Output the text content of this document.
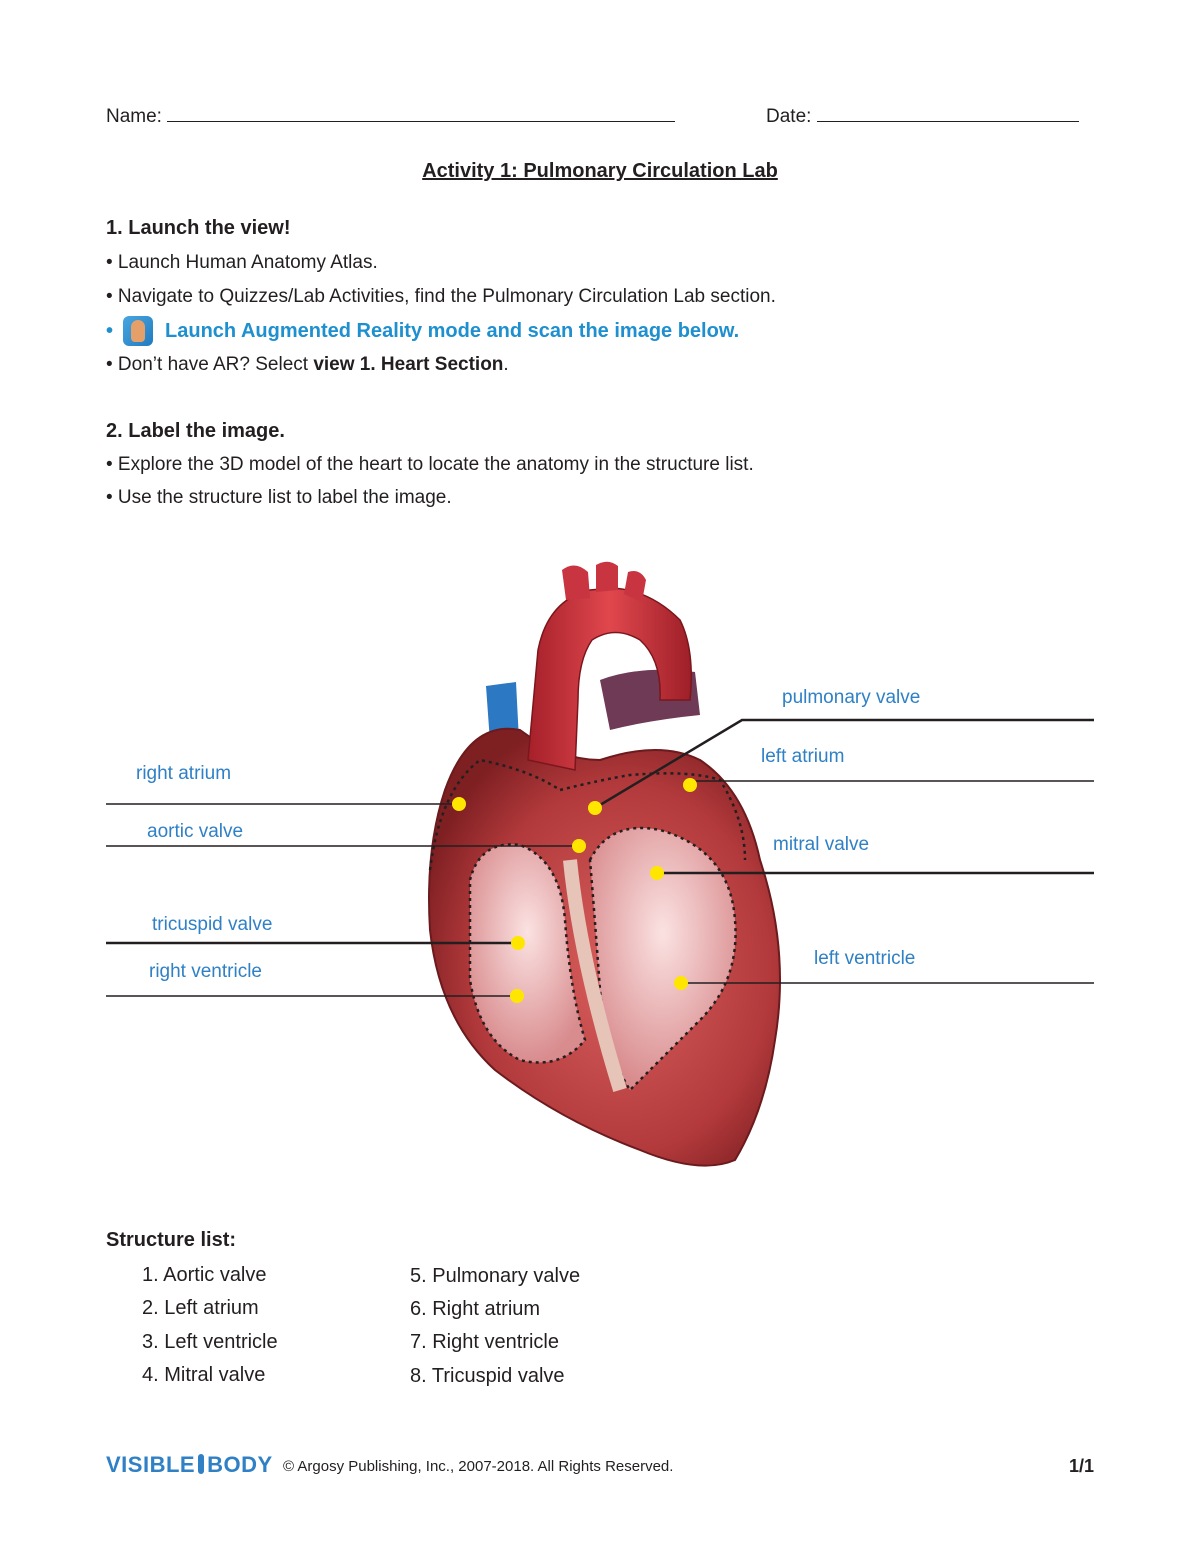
Name:	Date:
Activity 1: Pulmonary Circulation Lab
1. Launch the view!
• Launch Human Anatomy Atlas.
• Navigate to Quizzes/Lab Activities, find the Pulmonary Circulation Lab section.
•	Launch Augmented Reality mode and scan the image below.
• Don’t have AR? Select view 1. Heart Section.
2. Label the image.
• Explore the 3D model of the heart to locate the anatomy in the structure list.
• Use the structure list to label the image.
right atrium
aortic valve
tricuspid valve
right ventricle
pulmonary valve
left atrium
mitral valve
left ventricle
Structure list:
1. Aortic valve
2. Left atrium
3. Left ventricle
4. Mitral valve
5. Pulmonary valve
6. Right atrium
7. Right ventricle
8. Tricuspid valve
VISIBLE BODY © Argosy Publishing, Inc., 2007-2018. All Rights Reserved.	1/1
